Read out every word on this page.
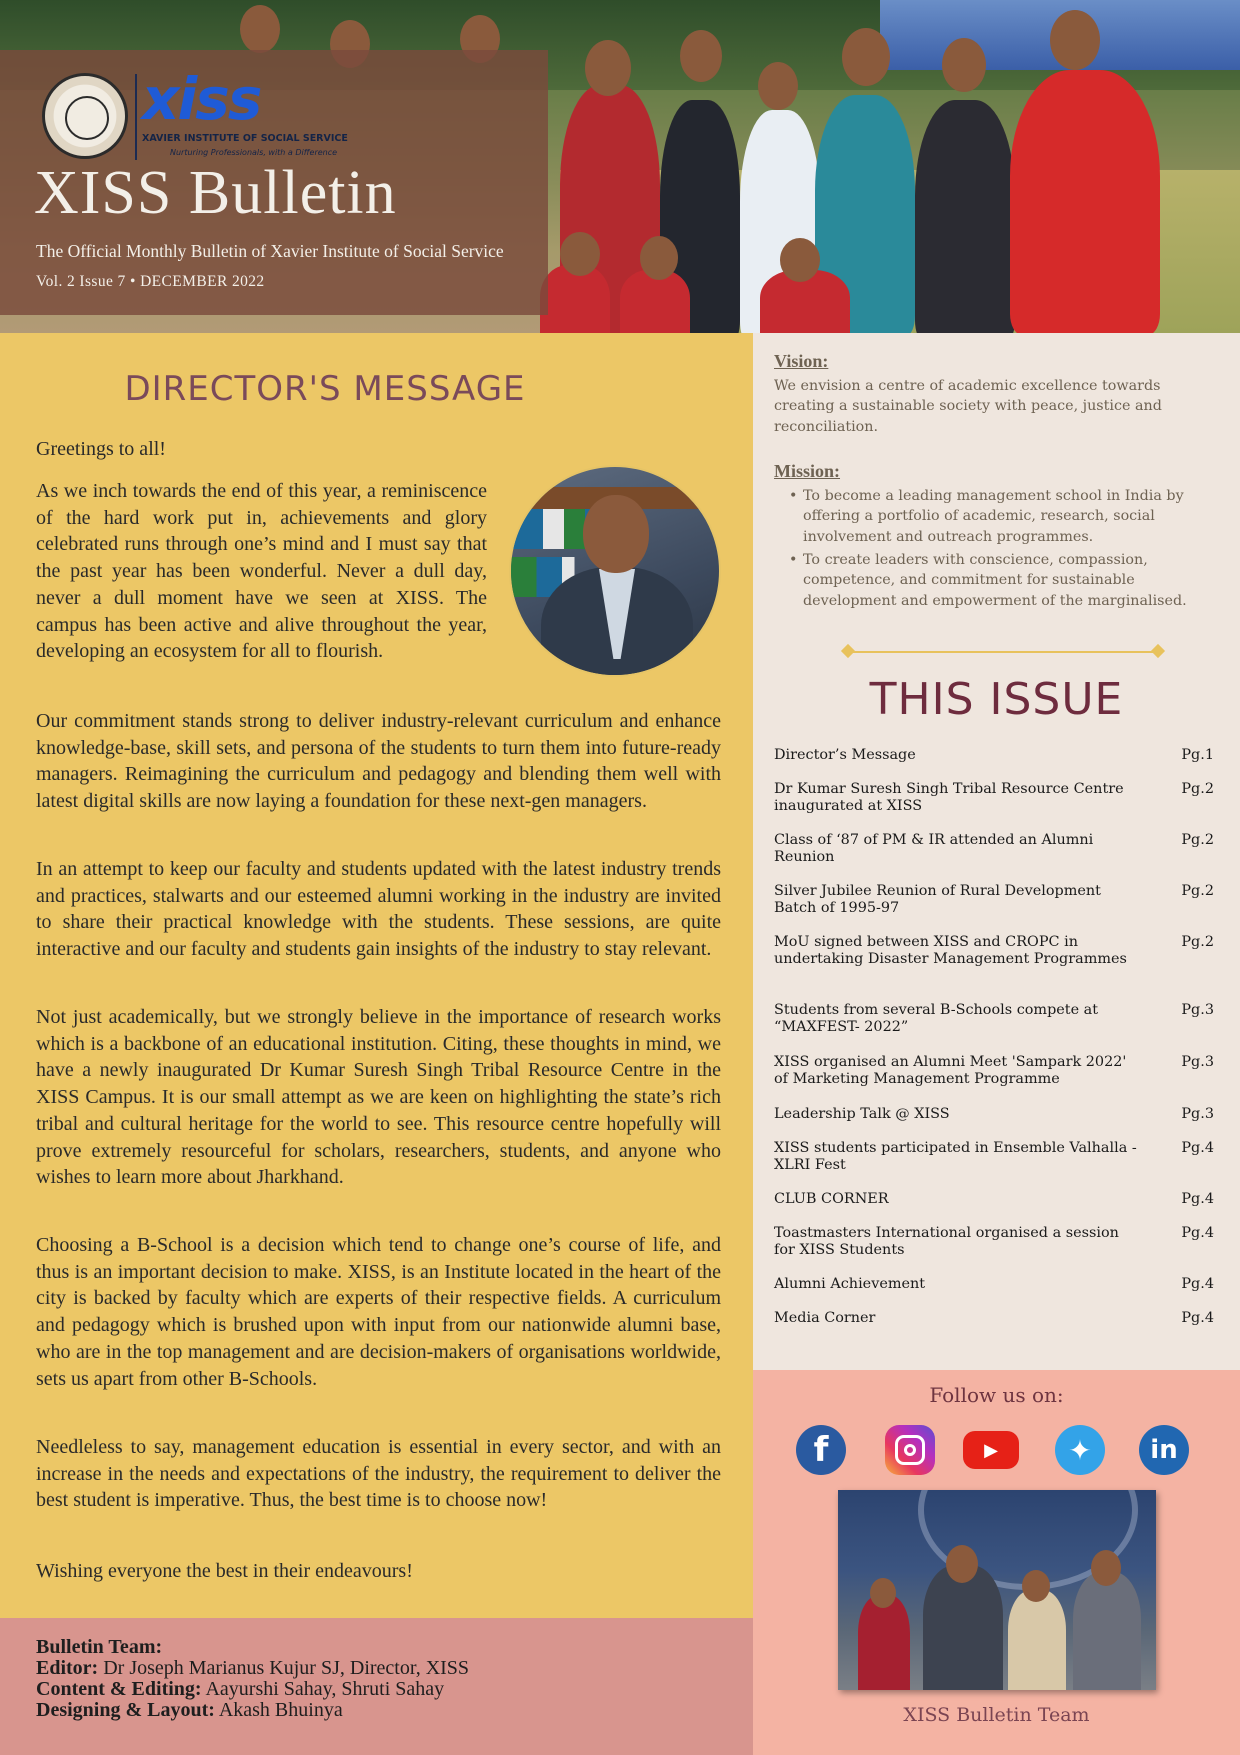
xiss
XAVIER INSTITUTE OF SOCIAL SERVICE
Nurturing Professionals, with a Difference
XISS Bulletin
The Official Monthly Bulletin of Xavier Institute of Social Service
Vol. 2 Issue 7 • DECEMBER 2022
DIRECTOR'S MESSAGE

Greetings to all!

As we inch towards the end of this year, a reminiscence of the hard work put in, achievements and glory celebrated runs through one’s mind and I must say that the past year has been wonderful. Never a dull day, never a dull moment have we seen at XISS. The campus has been active and alive throughout the year, developing an ecosystem for all to flourish.

Our commitment stands strong to deliver industry-relevant curriculum and enhance knowledge-base, skill sets, and persona of the students to turn them into future-ready managers. Reimagining the curriculum and pedagogy and blending them well with latest digital skills are now laying a foundation for these next-gen managers.

In an attempt to keep our faculty and students updated with the latest industry trends and practices, stalwarts and our esteemed alumni working in the industry are invited to share their practical knowledge with the students. These sessions, are quite interactive and our faculty and students gain insights of the industry to stay relevant.

Not just academically, but we strongly believe in the importance of research works which is a backbone of an educational institution. Citing, these thoughts in mind, we have a newly inaugurated Dr Kumar Suresh Singh Tribal Resource Centre in the XISS Campus. It is our small attempt as we are keen on highlighting the state’s rich tribal and cultural heritage for the world to see. This resource centre hopefully will prove extremely resourceful for scholars, researchers, students, and anyone who wishes to learn more about Jharkhand.

Choosing a B-School is a decision which tend to change one’s course of life, and thus is an important decision to make. XISS, is an Institute located in the heart of the city is backed by faculty which are experts of their respective fields. A curriculum and pedagogy which is brushed upon with input from our nationwide alumni base, who are in the top management and are decision-makers of organisations worldwide, sets us apart from other B-Schools.

Needleless to say, management education is essential in every sector, and with an increase in the needs and expectations of the industry, the requirement to deliver the best student is imperative. Thus, the best time is to choose now!

Wishing everyone the best in their endeavours!

Bulletin Team:
Editor: Dr Joseph Marianus Kujur SJ, Director, XISS
Content & Editing: Aayurshi Sahay, Shruti Sahay
Designing & Layout: Akash Bhuinya
Vision:
We envision a centre of academic excellence towards creating a sustainable society with peace, justice and reconciliation.
Mission:
• To become a leading management school in India by offering a portfolio of academic, research, social involvement and outreach programmes.
• To create leaders with conscience, compassion, competence, and commitment for sustainable development and empowerment of the marginalised.
THIS ISSUE
Director’s Message	Pg.1
Dr Kumar Suresh Singh Tribal Resource Centre inaugurated at XISS
Pg.2
Class of ‘87 of PM & IR attended an Alumni Reunion
Pg.2
Silver Jubilee Reunion of Rural Development Batch of 1995-97
Pg.2
MoU signed between XISS and CROPC in undertaking Disaster Management Programmes
Pg.2
Students from several B-Schools compete at “MAXFEST- 2022”
Pg.3
XISS organised an Alumni Meet 'Sampark 2022' of Marketing Management Programme
Pg.3
Leadership Talk @ XISS	Pg.3
XISS students participated in Ensemble Valhalla - XLRI Fest
Pg.4
CLUB CORNER	Pg.4
Toastmasters International organised a session for XISS Students
Pg.4
Alumni Achievement	Pg.4
Media Corner	Pg.4
Follow us on:
f	▶	✦	in
XISS Bulletin Team
